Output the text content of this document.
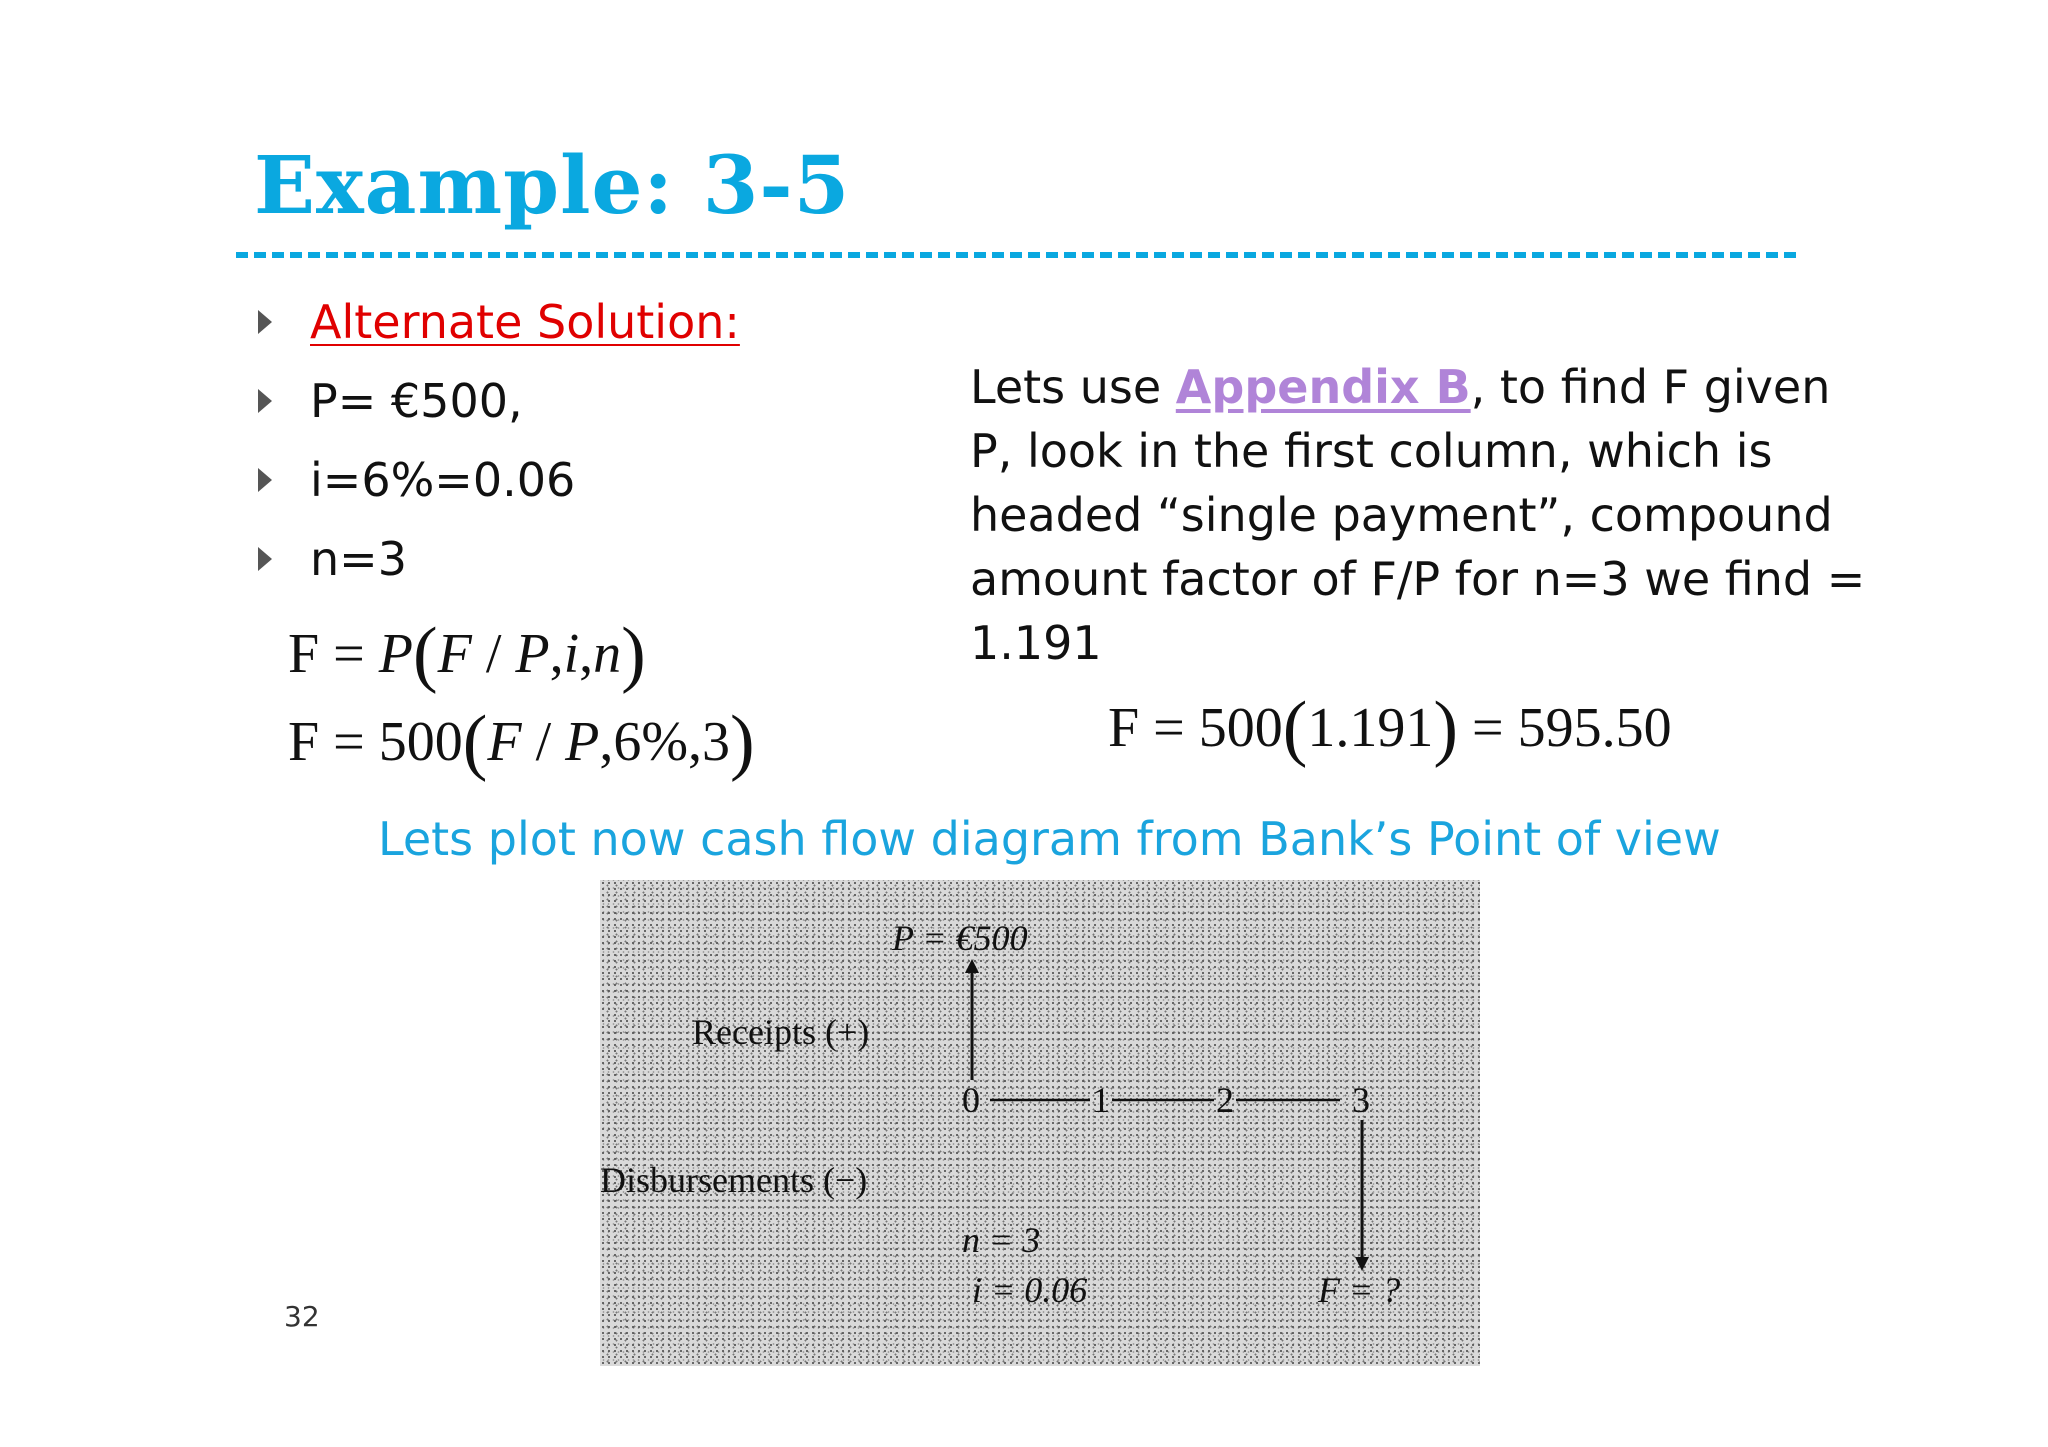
Example: 3-5
Alternate Solution:
P= €500,
i=6%=0.06
n=3
F = P(F / P,i,n)
F = 500(F / P,6%,3)
Lets use Appendix B, to find F given P, look in the first column, which is headed “single payment”, compound amount factor of F/P for n=3 we find = 1.191
F = 500(1.191) = 595.50
Lets plot now cash flow diagram from Bank’s Point of view
P = €500
Receipts (+)
0	1	2	3
Disbursements (−)
n = 3
i = 0.06	F = ?
32
